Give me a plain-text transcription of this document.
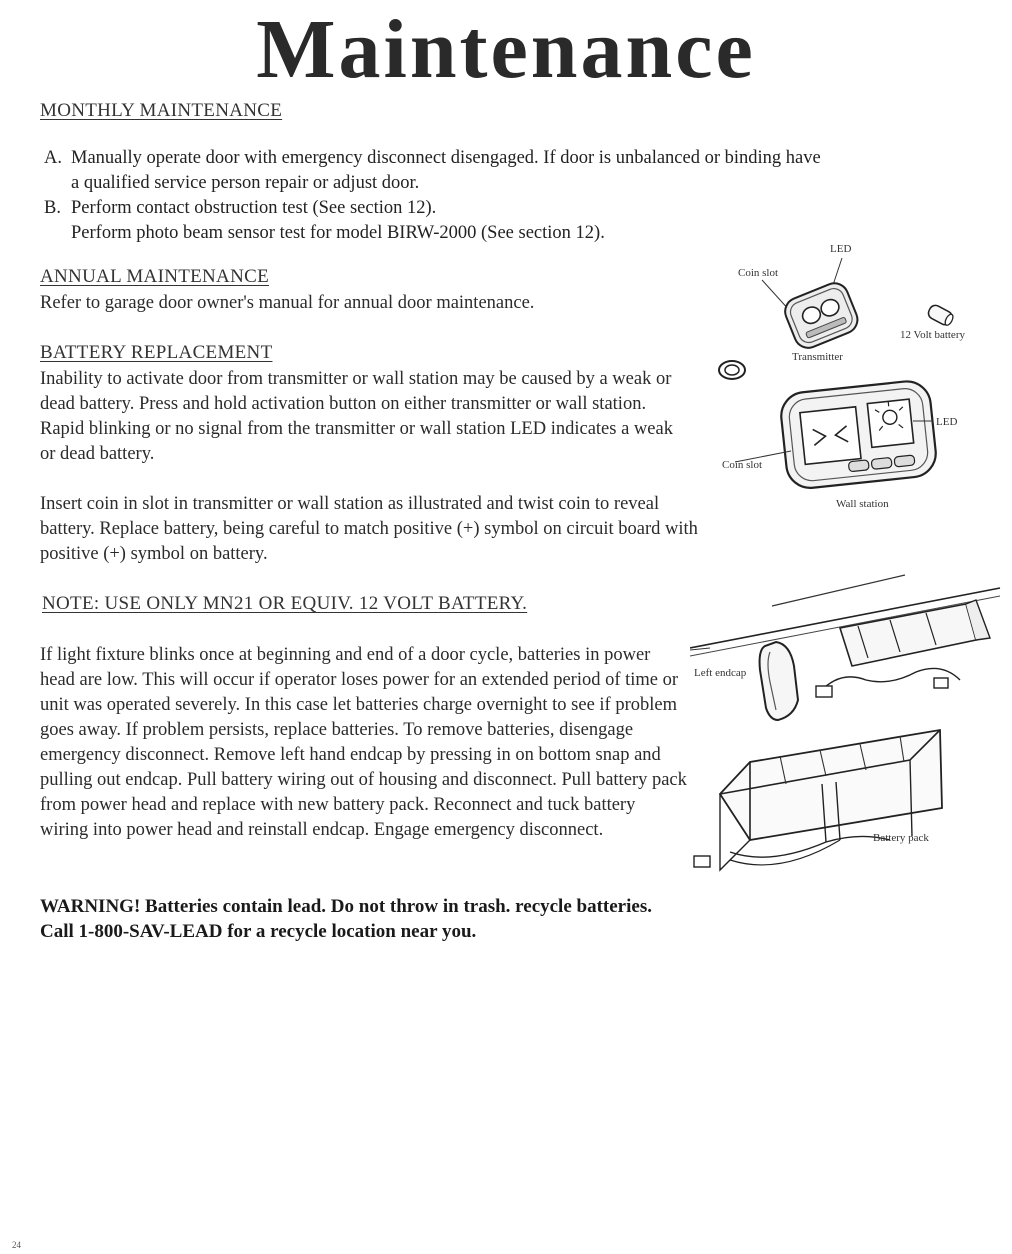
Maintenance
MONTHLY MAINTENANCE
A. Manually operate door with emergency disconnect disengaged. If door is unbalanced or binding have
a qualified service person repair or adjust door.
B. Perform contact obstruction test (See section 12).
Perform photo beam sensor test for model BIRW-2000 (See section 12).
ANNUAL MAINTENANCE
Refer to garage door owner's manual for annual door maintenance.
BATTERY REPLACEMENT
Inability to activate door from transmitter or wall station may be caused by a weak or dead battery. Press and hold activation button on either transmitter or wall station. Rapid blinking or no signal from the transmitter or wall station LED indicates a weak or dead battery.
Insert coin in slot in transmitter or wall station as illustrated and twist coin to reveal battery. Replace battery, being careful to match positive (+) symbol on circuit board with positive (+) symbol on battery.
NOTE: USE ONLY MN21 OR EQUIV. 12 VOLT BATTERY.
If light fixture blinks once at beginning and end of a door cycle, batteries in power head are low. This will occur if operator loses power for an extended period of time or unit was operated severely. In this case let batteries charge overnight to see if problem goes away. If problem persists, replace batteries. To remove batteries, disengage emergency disconnect. Remove left hand endcap by pressing in on bottom snap and pulling out endcap. Pull battery wiring out of housing and disconnect. Pull battery pack from power head and replace with new battery pack. Reconnect and tuck battery wiring into power head and reinstall endcap. Engage emergency disconnect.
WARNING! Batteries contain lead. Do not throw in trash. recycle batteries. Call 1-800-SAV-LEAD for a recycle location near you.
LED
Coin slot
12 Volt battery
Transmitter
LED
Coin slot
Wall station
Left endcap
Battery pack
24
